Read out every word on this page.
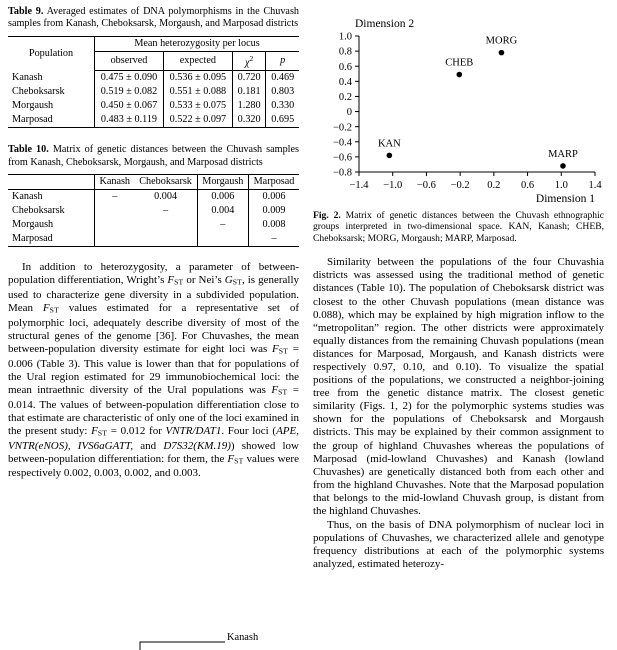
Table 9. Averaged estimates of DNA polymorphisms in the Chuvash samples from Kanash, Cheboksarsk, Morgaush, and Marposad districts
Population	Mean heterozygosity per locus			
	observed	expected	$\chi^2$	p
Kanash	0.475 ± 0.090	0.536 ± 0.095	0.720	0.469
Cheboksarsk	0.519 ± 0.082	0.551 ± 0.088	0.181	0.803
Morgaush	0.450 ± 0.067	0.533 ± 0.075	1.280	0.330
Marposad	0.483 ± 0.119	0.522 ± 0.097	0.320	0.695
Table 10. Matrix of genetic distances between the Chuvash samples from Kanash, Cheboksarsk, Morgaush, and Marposad districts
	Kanash	Cheboksarsk	Morgaush	Marposad
Kanash	–	0.004	0.006	0.006
Cheboksarsk		–	0.004	0.009
Morgaush			–	0.008
Marposad				–

In addition to heterozygosity, a parameter of between-population differentiation, Wright’s $F_{ST}$ or Nei’s $G_{ST}$, is generally used to characterize gene diversity in a subdivided population. Mean $F_{ST}$ values estimated for a representative set of polymorphic loci, adequately describe diversity of most of the structural genes of the genome [36]. For Chuvashes, the mean between-population diversity estimate for eight loci was $F_{ST} = 0.006$ (Table 3). This value is lower than that for populations of the Ural region estimated for 29 immunobiochemical loci: the mean intraethnic diversity of the Ural populations was $F_{ST} = 0.014$. The values of between-population differentiation close to that estimate are characteristic of only one of the loci examined in the present study: $F_{ST} = 0.012$ for VNTR/DAT1. Four loci (APE, VNTR(eNOS), IVS6aGATT, and D7S32(KM.19)) showed low between-population differentiation: for them, the $F_{ST}$ values were respectively 0.002, 0.003, 0.002, and 0.003.

Kanash
1.0
0.8
0.6
0.4
0.2
0
−0.2
−0.4
−0.6
−0.8
−1.4 −1.0 −0.6 −0.2 0.2 0.6 1.0 1.4
Dimension 2
Dimension 1
KAN
CHEB
MORG
MARP
Fig. 2. Matrix of genetic distances between the Chuvash ethnographic groups interpreted in two-dimensional space. KAN, Kanash; CHEB, Cheboksarsk; MORG, Morgaush; MARP, Marposad.

Similarity between the populations of the four Chuvashia districts was assessed using the traditional method of genetic distances (Table 10). The population of Cheboksarsk district was closest to the other Chuvash populations (mean distance was 0.088), which may be explained by high migration inflow to the “metropolitan” region. The other districts were approximately equally distances from the remaining Chuvash populations (mean distances for Marposad, Morgaush, and Kanash districts were respectively 0.97, 0.10, and 0.10). To visualize the spatial positions of the populations, we constructed a neighbor-joining tree from the genetic distance matrix. The closest genetic similarity (Figs. 1, 2) for the polymorphic systems studies was shown for the populations of Cheboksarsk and Morgaush districts. This may be explained by their common assignment to the group of highland Chuvashes whereas the populations of Marposad (mid-lowland Chuvashes) and Kanash (lowland Chuvashes) are genetically distanced both from each other and from the highland Chuvashes. Note that the Marposad population that belongs to the mid-lowland Chuvash group, is distant from the highland Chuvashes.

Thus, on the basis of DNA polymorphism of nuclear loci in populations of Chuvashes, we characterized allele and genotype frequency distributions at each of the polymorphic systems analyzed, estimated heterozy-
